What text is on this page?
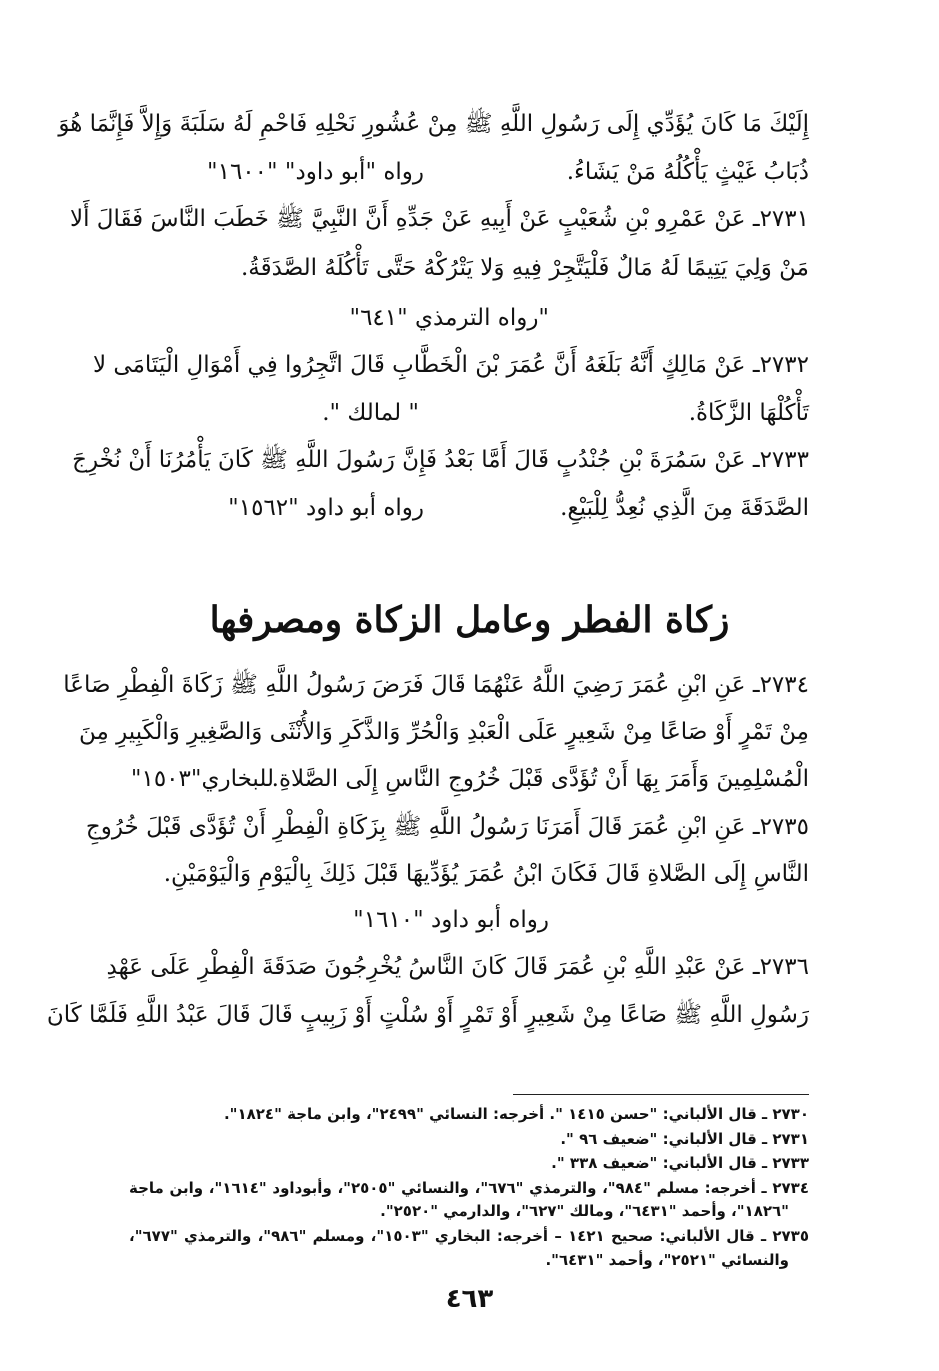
إِلَيْكَ مَا كَانَ يُؤَدِّي إِلَى رَسُولِ اللَّهِ ﷺ مِنْ عُشُورِ نَحْلِهِ فَاحْمِ لَهُ سَلَبَةَ وَإِلاَّ فَإِنَّمَا هُوَ
ذُبَابُ غَيْثٍ يَأْكُلُهُ مَنْ يَشَاءُ.
رواه "أبو داود" "١٦٠٠"
٢٧٣١ـ عَنْ عَمْرِو بْنِ شُعَيْبٍ عَنْ أَبِيهِ عَنْ جَدِّهِ أَنَّ النَّبِيَّ ﷺ خَطَبَ النَّاسَ فَقَالَ أَلا
مَنْ وَلِيَ يَتِيمًا لَهُ مَالٌ فَلْيَتَّجِرْ فِيهِ وَلا يَتْرُكْهُ حَتَّى تَأْكُلَهُ الصَّدَقَةُ.
"رواه الترمذي "٦٤١"
٢٧٣٢ـ عَنْ مَالِكٍ أَنَّهُ بَلَغَهُ أَنَّ عُمَرَ بْنَ الْخَطَّابِ قَالَ اتَّجِرُوا فِي أَمْوَالِ الْيَتَامَى لا
تَأْكُلْهَا الزَّكَاةُ.
" لمالك ".
٢٧٣٣ـ عَنْ سَمُرَةَ بْنِ جُنْدُبٍ قَالَ أَمَّا بَعْدُ فَإِنَّ رَسُولَ اللَّهِ ﷺ كَانَ يَأْمُرُنَا أَنْ نُخْرِجَ
الصَّدَقَةَ مِنَ الَّذِي نُعِدُّ لِلْبَيْعِ.
رواه أبو داود "١٥٦٢"
زكاة الفطر وعامل الزكاة ومصرفها
٢٧٣٤ـ عَنِ ابْنِ عُمَرَ رَضِيَ اللَّهُ عَنْهُمَا قَالَ فَرَضَ رَسُولُ اللَّهِ ﷺ زَكَاةَ الْفِطْرِ صَاعًا
مِنْ تَمْرٍ أَوْ صَاعًا مِنْ شَعِيرٍ عَلَى الْعَبْدِ وَالْحُرِّ وَالذَّكَرِ وَالأُنْثَى وَالصَّغِيرِ وَالْكَبِيرِ مِنَ
الْمُسْلِمِينَ وَأَمَرَ بِهَا أَنْ تُؤَدَّى قَبْلَ خُرُوجِ النَّاسِ إِلَى الصَّلاةِ.
للبخاري"١٥٠٣"
٢٧٣٥ـ عَنِ ابْنِ عُمَرَ قَالَ أَمَرَنَا رَسُولُ اللَّهِ ﷺ بِزَكَاةِ الْفِطْرِ أَنْ تُؤَدَّى قَبْلَ خُرُوجِ
النَّاسِ إِلَى الصَّلاةِ قَالَ فَكَانَ ابْنُ عُمَرَ يُؤَدِّيهَا قَبْلَ ذَلِكَ بِالْيَوْمِ وَالْيَوْمَيْنِ.
رواه أبو داود "١٦١٠"
٢٧٣٦ـ عَنْ عَبْدِ اللَّهِ بْنِ عُمَرَ قَالَ كَانَ النَّاسُ يُخْرِجُونَ صَدَقَةَ الْفِطْرِ عَلَى عَهْدِ
رَسُولِ اللَّهِ ﷺ صَاعًا مِنْ شَعِيرٍ أَوْ تَمْرٍ أَوْ سُلْتٍ أَوْ زَبِيبٍ قَالَ قَالَ عَبْدُ اللَّهِ فَلَمَّا كَانَ
٢٧٣٠ ـ قال الألباني: "حسن ١٤١٥ ". أخرجه: النسائي "٢٤٩٩"، وابن ماجة "١٨٢٤".
٢٧٣١ ـ قال الألباني: "ضعيف ٩٦ ".
٢٧٣٣ ـ قال الألباني: "ضعيف ٣٣٨ ".
٢٧٣٤ ـ أخرجه: مسلم "٩٨٤"، والترمذي "٦٧٦"، والنسائي "٢٥٠٥"، وأبوداود "١٦١٤"، وابن ماجة
"١٨٢٦"، وأحمد "٦٤٣١"، ومالك "٦٢٧"، والدارمي "٢٥٢٠".
٢٧٣٥ ـ قال الألباني: صحيح ١٤٢١ – أخرجه: البخاري "١٥٠٣"، ومسلم "٩٨٦"، والترمذي "٦٧٧"،
والنسائي "٢٥٢١"، وأحمد "٦٤٣١".
٤٦٣
